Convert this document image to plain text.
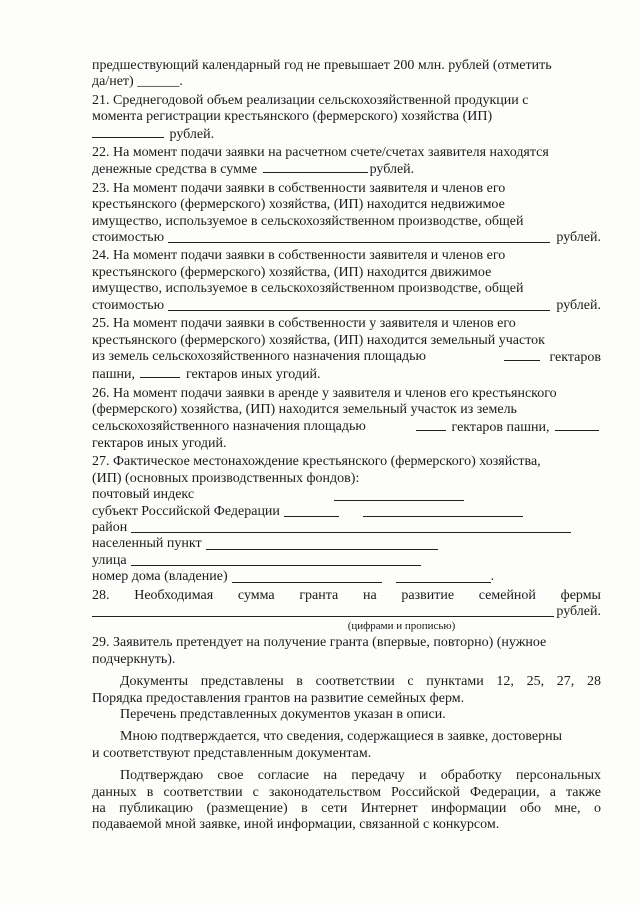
предшествующий календарный год не превышает 200 млн. рублей (отметить

да/нет) ______.

21. Среднегодовой объем реализации сельскохозяйственной продукции с

момента регистрации крестьянского (фермерского) хозяйства (ИП)

рублей.

22. На момент подачи заявки на расчетном счете/счетах заявителя находятся

денежные средства в сумме	рублей.

23. На момент подачи заявки в собственности заявителя и членов его

крестьянского (фермерского) хозяйства, (ИП) находится недвижимое

имущество, используемое в сельскохозяйственном производстве, общей

стоимостью	рублей.

24. На момент подачи заявки в собственности заявителя и членов его

крестьянского (фермерского) хозяйства, (ИП) находится движимое

имущество, используемое в сельскохозяйственном производстве, общей

стоимостью	рублей.

25. На момент подачи заявки в собственности у заявителя и членов его

крестьянского (фермерского) хозяйства, (ИП) находится земельный участок

из земель сельскохозяйственного назначения площадью	гектаров

пашни,	гектаров иных угодий.

26. На момент подачи заявки в аренде у заявителя и членов его крестьянского

(фермерского) хозяйства, (ИП) находится земельный участок из земель

сельскохозяйственного назначения площадью	гектаров пашни,

гектаров иных угодий.

27. Фактическое местонахождение крестьянского (фермерского) хозяйства,

(ИП) (основных производственных фондов):

почтовый индекс

субъект Российской Федерации

район

населенный пункт

улица

номер дома (владение)	.

28. Необходимая сумма гранта на развитие семейной фермы

рублей.

(цифрами и прописью)

29. Заявитель претендует на получение гранта (впервые, повторно) (нужное

подчеркнуть).

Документы представлены в соответствии с пунктами 12, 25, 27, 28

Порядка предоставления грантов на развитие семейных ферм.

Перечень представленных документов указан в описи.

Мною подтверждается, что сведения, содержащиеся в заявке, достоверны

и соответствуют представленным документам.

Подтверждаю свое согласие на передачу и обработку персональных

данных в соответствии с законодательством Российской Федерации, а также

на публикацию (размещение) в сети Интернет информации обо мне, о

подаваемой мной заявке, иной информации, связанной с конкурсом.
